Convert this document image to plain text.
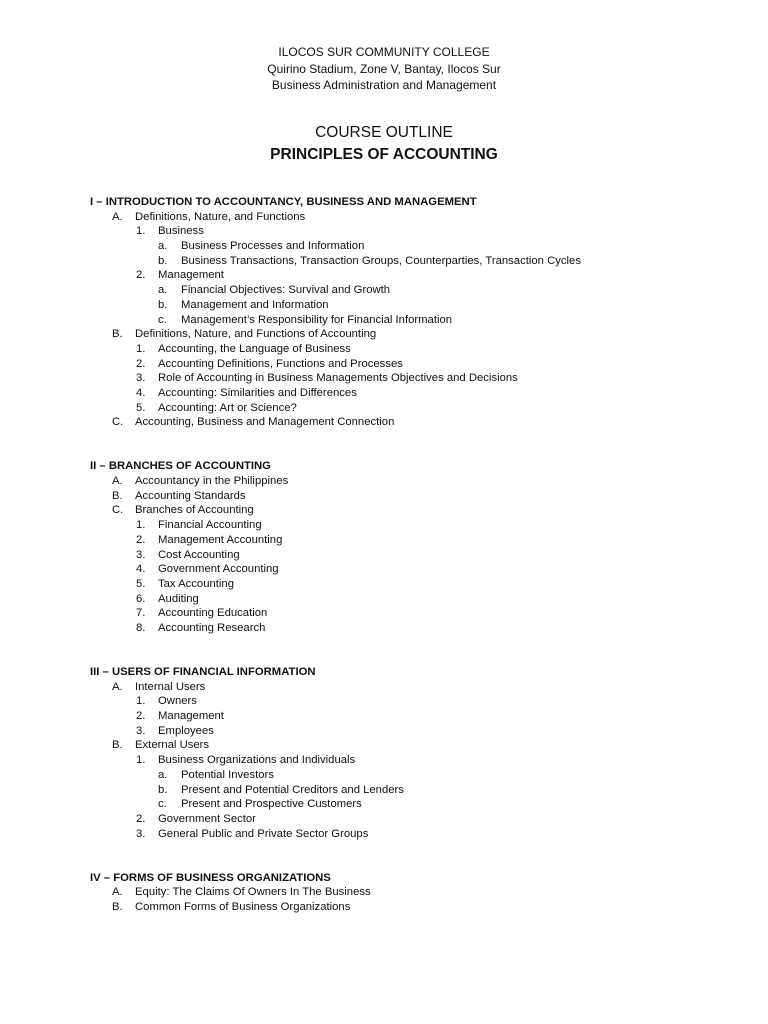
ILOCOS SUR COMMUNITY COLLEGE
Quirino Stadium, Zone V, Bantay, Ilocos Sur
Business Administration and Management
COURSE OUTLINE
PRINCIPLES OF ACCOUNTING
I – INTRODUCTION TO ACCOUNTANCY, BUSINESS AND MANAGEMENT
A.	Definitions, Nature, and Functions
1.	Business
a.	Business Processes and Information
b.	Business Transactions, Transaction Groups, Counterparties, Transaction Cycles
2.	Management
a.	Financial Objectives: Survival and Growth
b.	Management and Information
c.	Management’s Responsibility for Financial Information
B.	Definitions, Nature, and Functions of Accounting
1.	Accounting, the Language of Business
2.	Accounting Definitions, Functions and Processes
3.	Role of Accounting in Business Managements Objectives and Decisions
4.	Accounting: Similarities and Differences
5.	Accounting: Art or Science?
C.	Accounting, Business and Management Connection
II – BRANCHES OF ACCOUNTING
A.	Accountancy in the Philippines
B.	Accounting Standards
C.	Branches of Accounting
1.	Financial Accounting
2.	Management Accounting
3.	Cost Accounting
4.	Government Accounting
5.	Tax Accounting
6.	Auditing
7.	Accounting Education
8.	Accounting Research
III – USERS OF FINANCIAL INFORMATION
A.	Internal Users
1.	Owners
2.	Management
3.	Employees
B.	External Users
1.	Business Organizations and Individuals
a.	Potential Investors
b.	Present and Potential Creditors and Lenders
c.	Present and Prospective Customers
2.	Government Sector
3.	General Public and Private Sector Groups
IV – FORMS OF BUSINESS ORGANIZATIONS
A.	Equity: The Claims Of Owners In The Business
B.	Common Forms of Business Organizations
